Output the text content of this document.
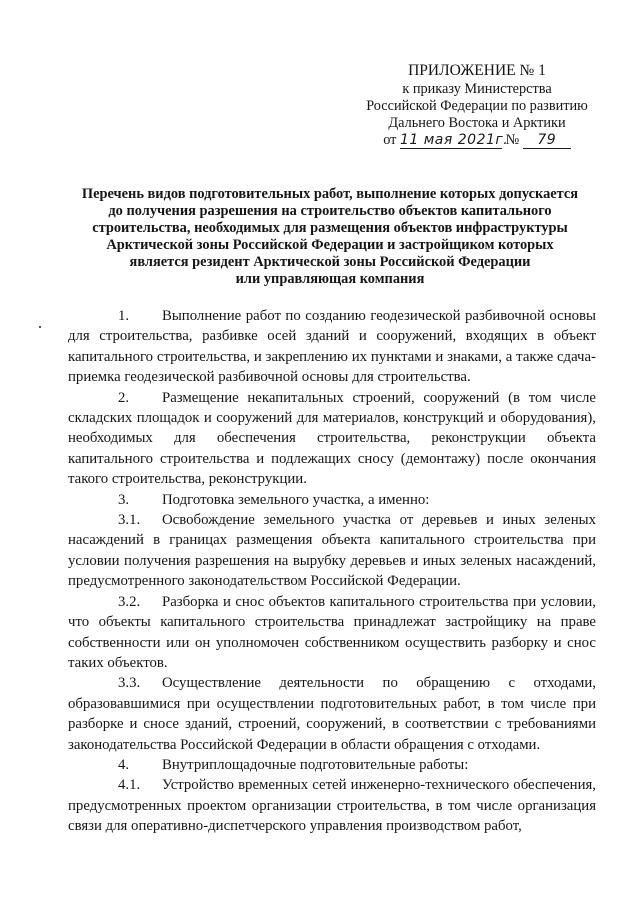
ПРИЛОЖЕНИЕ № 1
к приказу Министерства
Российской Федерации по развитию
Дальнего Востока и Арктики
от 11 мая 2021г. № 79
Перечень видов подготовительных работ, выполнение которых допускается
до получения разрешения на строительство объектов капитального
строительства, необходимых для размещения объектов инфраструктуры
Арктической зоны Российской Федерации и застройщиком которых
является резидент Арктической зоны Российской Федерации
или управляющая компания

1. Выполнение работ по созданию геодезической разбивочной основы для строительства, разбивке осей зданий и сооружений, входящих в объект капитального строительства, и закреплению их пунктами и знаками, а также сдача-приемка геодезической разбивочной основы для строительства.

2. Размещение некапитальных строений, сооружений (в том числе складских площадок и сооружений для материалов, конструкций и оборудования), необходимых для обеспечения строительства, реконструкции объекта капитального строительства и подлежащих сносу (демонтажу) после окончания такого строительства, реконструкции.

3. Подготовка земельного участка, а именно:

3.1. Освобождение земельного участка от деревьев и иных зеленых насаждений в границах размещения объекта капитального строительства при условии получения разрешения на вырубку деревьев и иных зеленых насаждений, предусмотренного законодательством Российской Федерации.

3.2. Разборка и снос объектов капитального строительства при условии, что объекты капитального строительства принадлежат застройщику на праве собственности или он уполномочен собственником осуществить разборку и снос таких объектов.

3.3. Осуществление деятельности по обращению с отходами, образовавшимися при осуществлении подготовительных работ, в том числе при разборке и сносе зданий, строений, сооружений, в соответствии с требованиями законодательства Российской Федерации в области обращения с отходами.

4. Внутриплощадочные подготовительные работы:

4.1. Устройство временных сетей инженерно-технического обеспечения, предусмотренных проектом организации строительства, в том числе организация связи для оперативно-диспетчерского управления производством работ,
